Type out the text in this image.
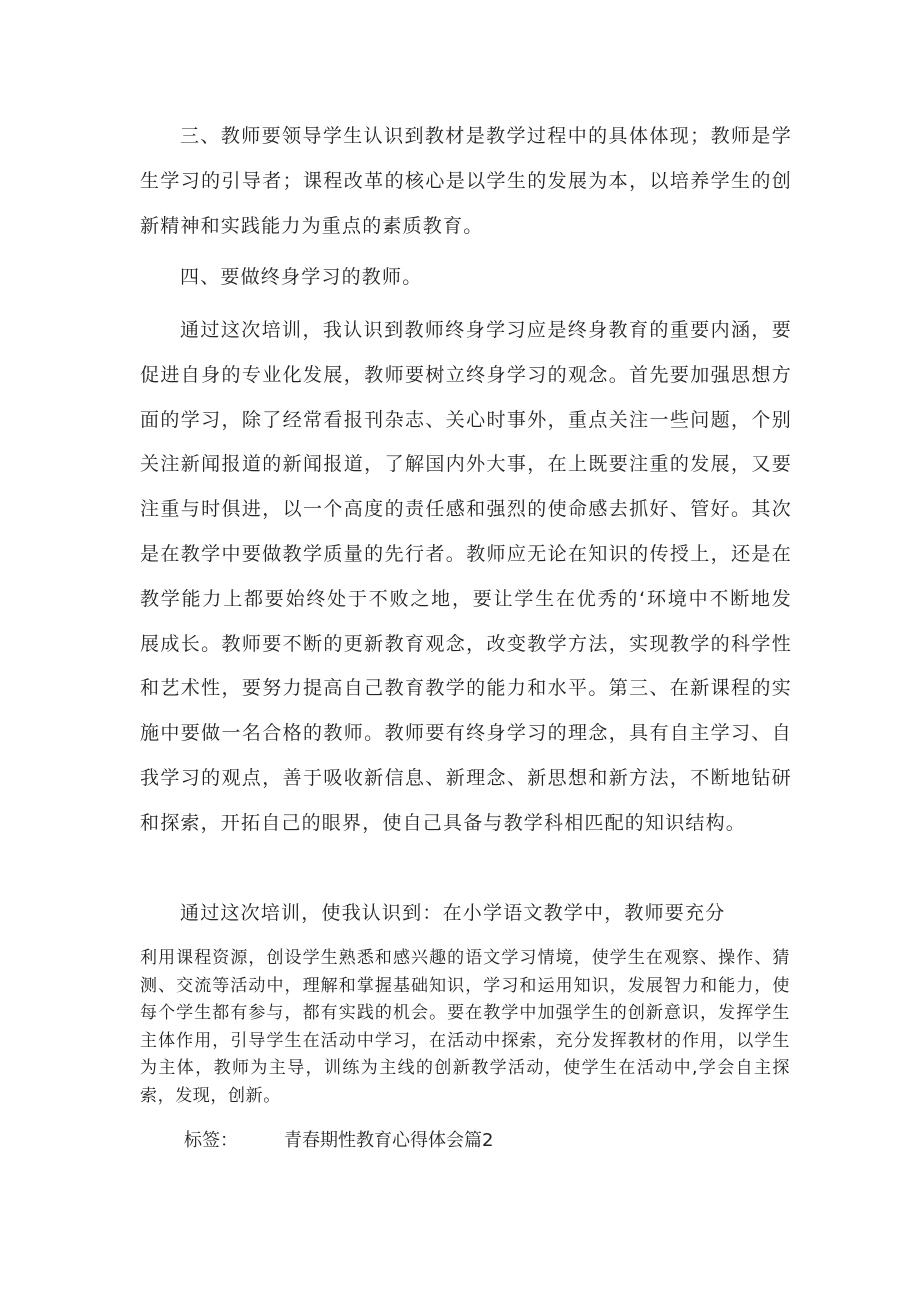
三、教师要领导学生认识到教材是教学过程中的具体体现；教师是学生学习的引导者；课程改革的核心是以学生的发展为本，以培养学生的创新精神和实践能力为重点的素质教育。

四、要做终身学习的教师。

通过这次培训，我认识到教师终身学习应是终身教育的重要内涵，要促进自身的专业化发展，教师要树立终身学习的观念。首先要加强思想方面的学习，除了经常看报刊杂志、关心时事外，重点关注一些问题，个别关注新闻报道的新闻报道，了解国内外大事，在上既要注重的发展，又要注重与时俱进，以一个高度的责任感和强烈的使命感去抓好、管好。其次是在教学中要做教学质量的先行者。教师应无论在知识的传授上，还是在教学能力上都要始终处于不败之地，要让学生在优秀的‘环境中不断地发展成长。教师要不断的更新教育观念，改变教学方法，实现教学的科学性和艺术性，要努力提高自己教育教学的能力和水平。第三、在新课程的实施中要做一名合格的教师。教师要有终身学习的理念，具有自主学习、自我学习的观点，善于吸收新信息、新理念、新思想和新方法，不断地钻研和探索，开拓自己的眼界，使自己具备与教学科相匹配的知识结构。

通过这次培训，使我认识到：在小学语文教学中，教师要充分

利用课程资源，创设学生熟悉和感兴趣的语文学习情境，使学生在观察、操作、猜测、交流等活动中，理解和掌握基础知识，学习和运用知识，发展智力和能力，使每个学生都有参与，都有实践的机会。要在教学中加强学生的创新意识，发挥学生主体作用，引导学生在活动中学习，在活动中探索，充分发挥教材的作用，以学生为主体，教师为主导，训练为主线的创新教学活动，使学生在活动中,学会自主探索，发现，创新。

标签：	青春期性教育心得体会篇2
